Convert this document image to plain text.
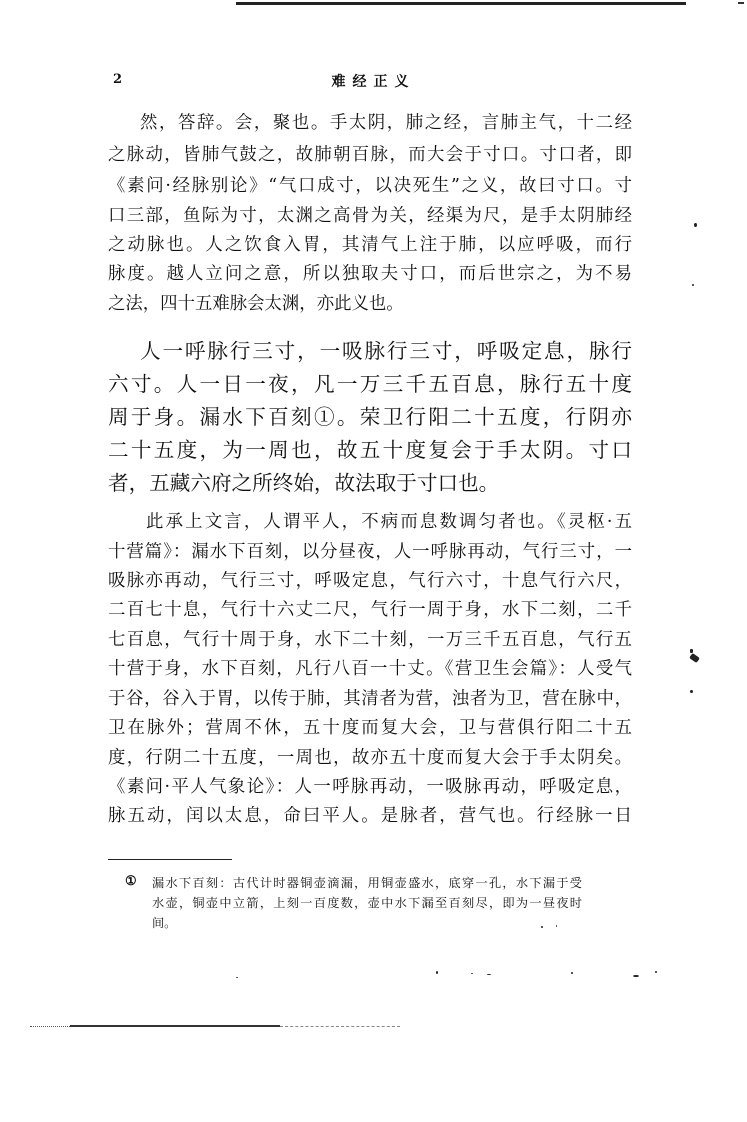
2	难经正义
然，答辞。会，聚也。手太阴，肺之经，言肺主气，十二经
之脉动，皆肺气鼓之，故肺朝百脉，而大会于寸口。寸口者，即
《素问·经脉别论》“气口成寸，以决死生”之义，故曰寸口。寸
口三部，鱼际为寸，太渊之高骨为关，经渠为尺，是手太阴肺经
之动脉也。人之饮食入胃，其清气上注于肺，以应呼吸，而行
脉度。越人立问之意，所以独取夫寸口，而后世宗之，为不易
之法，四十五难脉会太渊，亦此义也。
人一呼脉行三寸，一吸脉行三寸，呼吸定息，脉行
六寸。人一日一夜，凡一万三千五百息，脉行五十度
周于身。漏水下百刻①。荣卫行阳二十五度，行阴亦
二十五度，为一周也，故五十度复会于手太阴。寸口
者，五藏六府之所终始，故法取于寸口也。
此承上文言，人谓平人，不病而息数调匀者也。《灵枢·五
十营篇》：漏水下百刻，以分昼夜，人一呼脉再动，气行三寸，一
吸脉亦再动，气行三寸，呼吸定息，气行六寸，十息气行六尺，
二百七十息，气行十六丈二尺，气行一周于身，水下二刻，二千
七百息，气行十周于身，水下二十刻，一万三千五百息，气行五
十营于身，水下百刻，凡行八百一十丈。《营卫生会篇》：人受气
于谷，谷入于胃，以传于肺，其清者为营，浊者为卫，营在脉中，
卫在脉外；营周不休，五十度而复大会，卫与营俱行阳二十五
度，行阴二十五度，一周也，故亦五十度而复大会于手太阴矣。
《素问·平人气象论》：人一呼脉再动，一吸脉再动，呼吸定息，
脉五动，闰以太息，命曰平人。是脉者，营气也。行经脉一日
① 漏水下百刻：古代计时器铜壶滴漏，用铜壶盛水，底穿一孔，水下漏于受
水壶，铜壶中立箭，上刻一百度数，壶中水下漏至百刻尽，即为一昼夜时
间。
